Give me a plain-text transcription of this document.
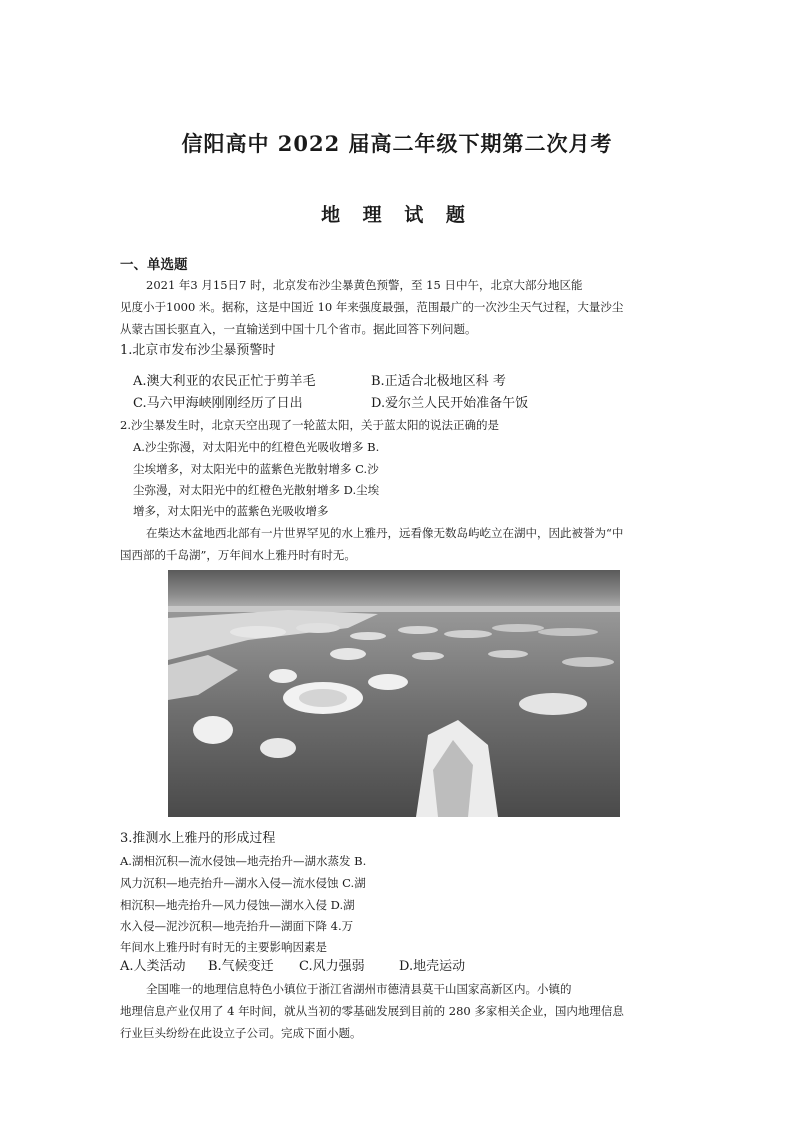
信阳高中 2022 届高二年级下期第二次月考
地 理 试 题
一、单选题
2021 年3 月15日7 时，北京发布沙尘暴黄色预警，至 15 日中午，北京大部分地区能
见度小于1000 米。据称，这是中国近 10 年来强度最强，范围最广的一次沙尘天气过程，大量沙尘
从蒙古国长驱直入，一直输送到中国十几个省市。据此回答下列问题。
1.北京市发布沙尘暴预警时
A.澳大利亚的农民正忙于剪羊毛	B.正适合北极地区科 考
C.马六甲海峡刚刚经历了日出	D.爱尔兰人民开始准备午饭
2.沙尘暴发生时，北京天空出现了一轮蓝太阳，关于蓝太阳的说法正确的是
A.沙尘弥漫，对太阳光中的红橙色光吸收增多 B.
尘埃增多，对太阳光中的蓝紫色光散射增多 C.沙
尘弥漫，对太阳光中的红橙色光散射增多 D.尘埃
增多，对太阳光中的蓝紫色光吸收增多
在柴达木盆地西北部有一片世界罕见的水上雅丹，远看像无数岛屿屹立在湖中，因此被誉为“中
国西部的千岛湖”，万年间水上雅丹时有时无。
3.推测水上雅丹的形成过程
A.湖相沉积—流水侵蚀—地壳抬升—湖水蒸发 B.
风力沉积—地壳抬升—湖水入侵—流水侵蚀 C.湖
相沉积—地壳抬升—风力侵蚀—湖水入侵 D.湖
水入侵—泥沙沉积—地壳抬升—湖面下降 4.万
年间水上雅丹时有时无的主要影响因素是
A.人类活动 B.气候变迁 C.风力强弱	D.地壳运动
全国唯一的地理信息特色小镇位于浙江省湖州市德清县莫干山国家高新区内。小镇的
地理信息产业仅用了 4 年时间，就从当初的零基础发展到目前的 280 多家相关企业，国内地理信息
行业巨头纷纷在此设立子公司。完成下面小题。
